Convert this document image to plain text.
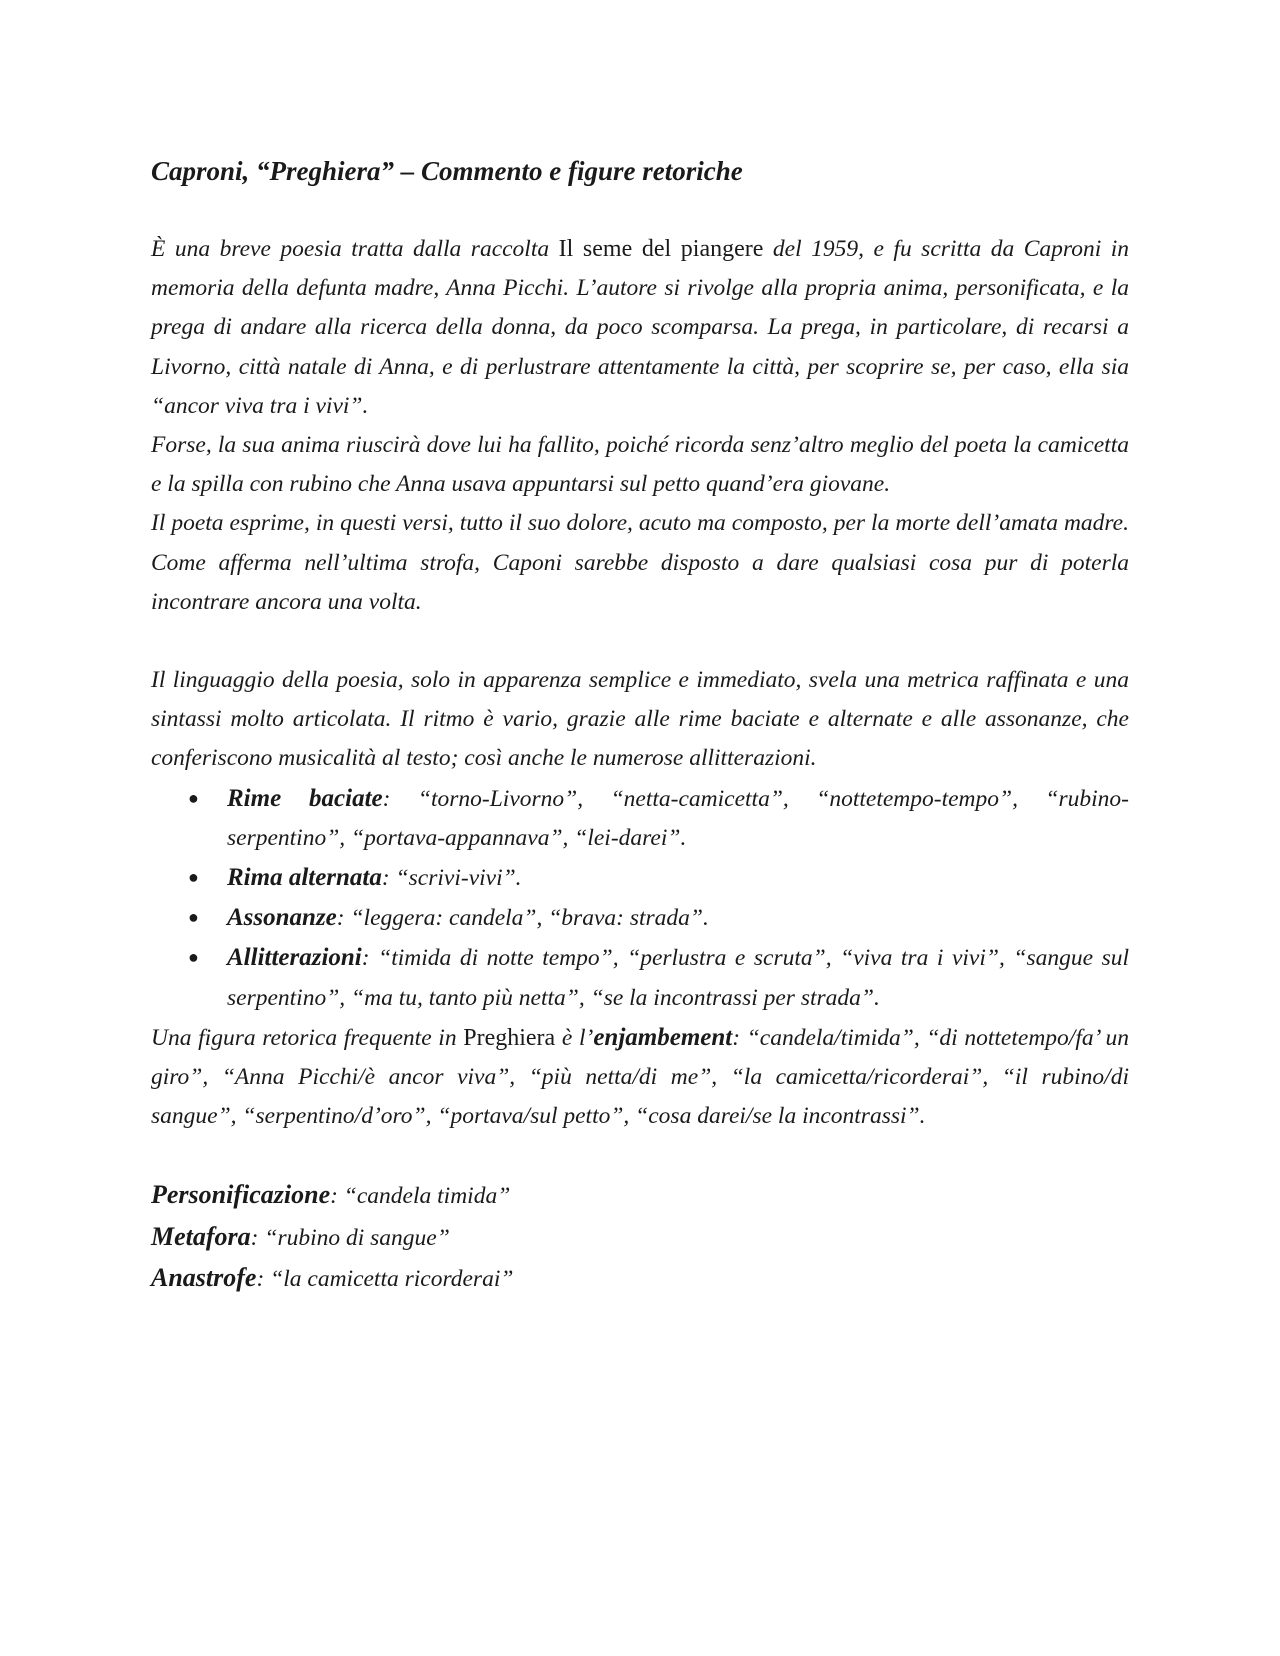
Caproni, “Preghiera” – Commento e figure retoriche

È una breve poesia tratta dalla raccolta Il seme del piangere del 1959, e fu scritta da Caproni in memoria della defunta madre, Anna Picchi. L’autore si rivolge alla propria anima, personificata, e la prega di andare alla ricerca della donna, da poco scomparsa. La prega, in particolare, di recarsi a Livorno, città natale di Anna, e di perlustrare attentamente la città, per scoprire se, per caso, ella sia “ancor viva tra i vivi”.

Forse, la sua anima riuscirà dove lui ha fallito, poiché ricorda senz’altro meglio del poeta la camicetta e la spilla con rubino che Anna usava appuntarsi sul petto quand’era giovane.

Il poeta esprime, in questi versi, tutto il suo dolore, acuto ma composto, per la morte dell’amata madre. Come afferma nell’ultima strofa, Caponi sarebbe disposto a dare qualsiasi cosa pur di poterla incontrare ancora una volta.

Il linguaggio della poesia, solo in apparenza semplice e immediato, svela una metrica raffinata e una sintassi molto articolata. Il ritmo è vario, grazie alle rime baciate e alternate e alle assonanze, che conferiscono musicalità al testo; così anche le numerose allitterazioni.

● Rime baciate: “torno-Livorno”, “netta-camicetta”, “nottetempo-tempo”, “rubino-serpentino”, “portava-appannava”, “lei-darei”.
● Rima alternata: “scrivi-vivi”.
● Assonanze: “leggera: candela”, “brava: strada”.
● Allitterazioni: “timida di notte tempo”, “perlustra e scruta”, “viva tra i vivi”, “sangue sul serpentino”, “ma tu, tanto più netta”, “se la incontrassi per strada”.

Una figura retorica frequente in Preghiera è l’enjambement: “candela/timida”, “di nottetempo/fa’ un giro”, “Anna Picchi/è ancor viva”, “più netta/di me”, “la camicetta/ricorderai”, “il rubino/di sangue”, “serpentino/d’oro”, “portava/sul petto”, “cosa darei/se la incontrassi”.

Personificazione: “candela timida”

Metafora: “rubino di sangue”

Anastrofe: “la camicetta ricorderai”
